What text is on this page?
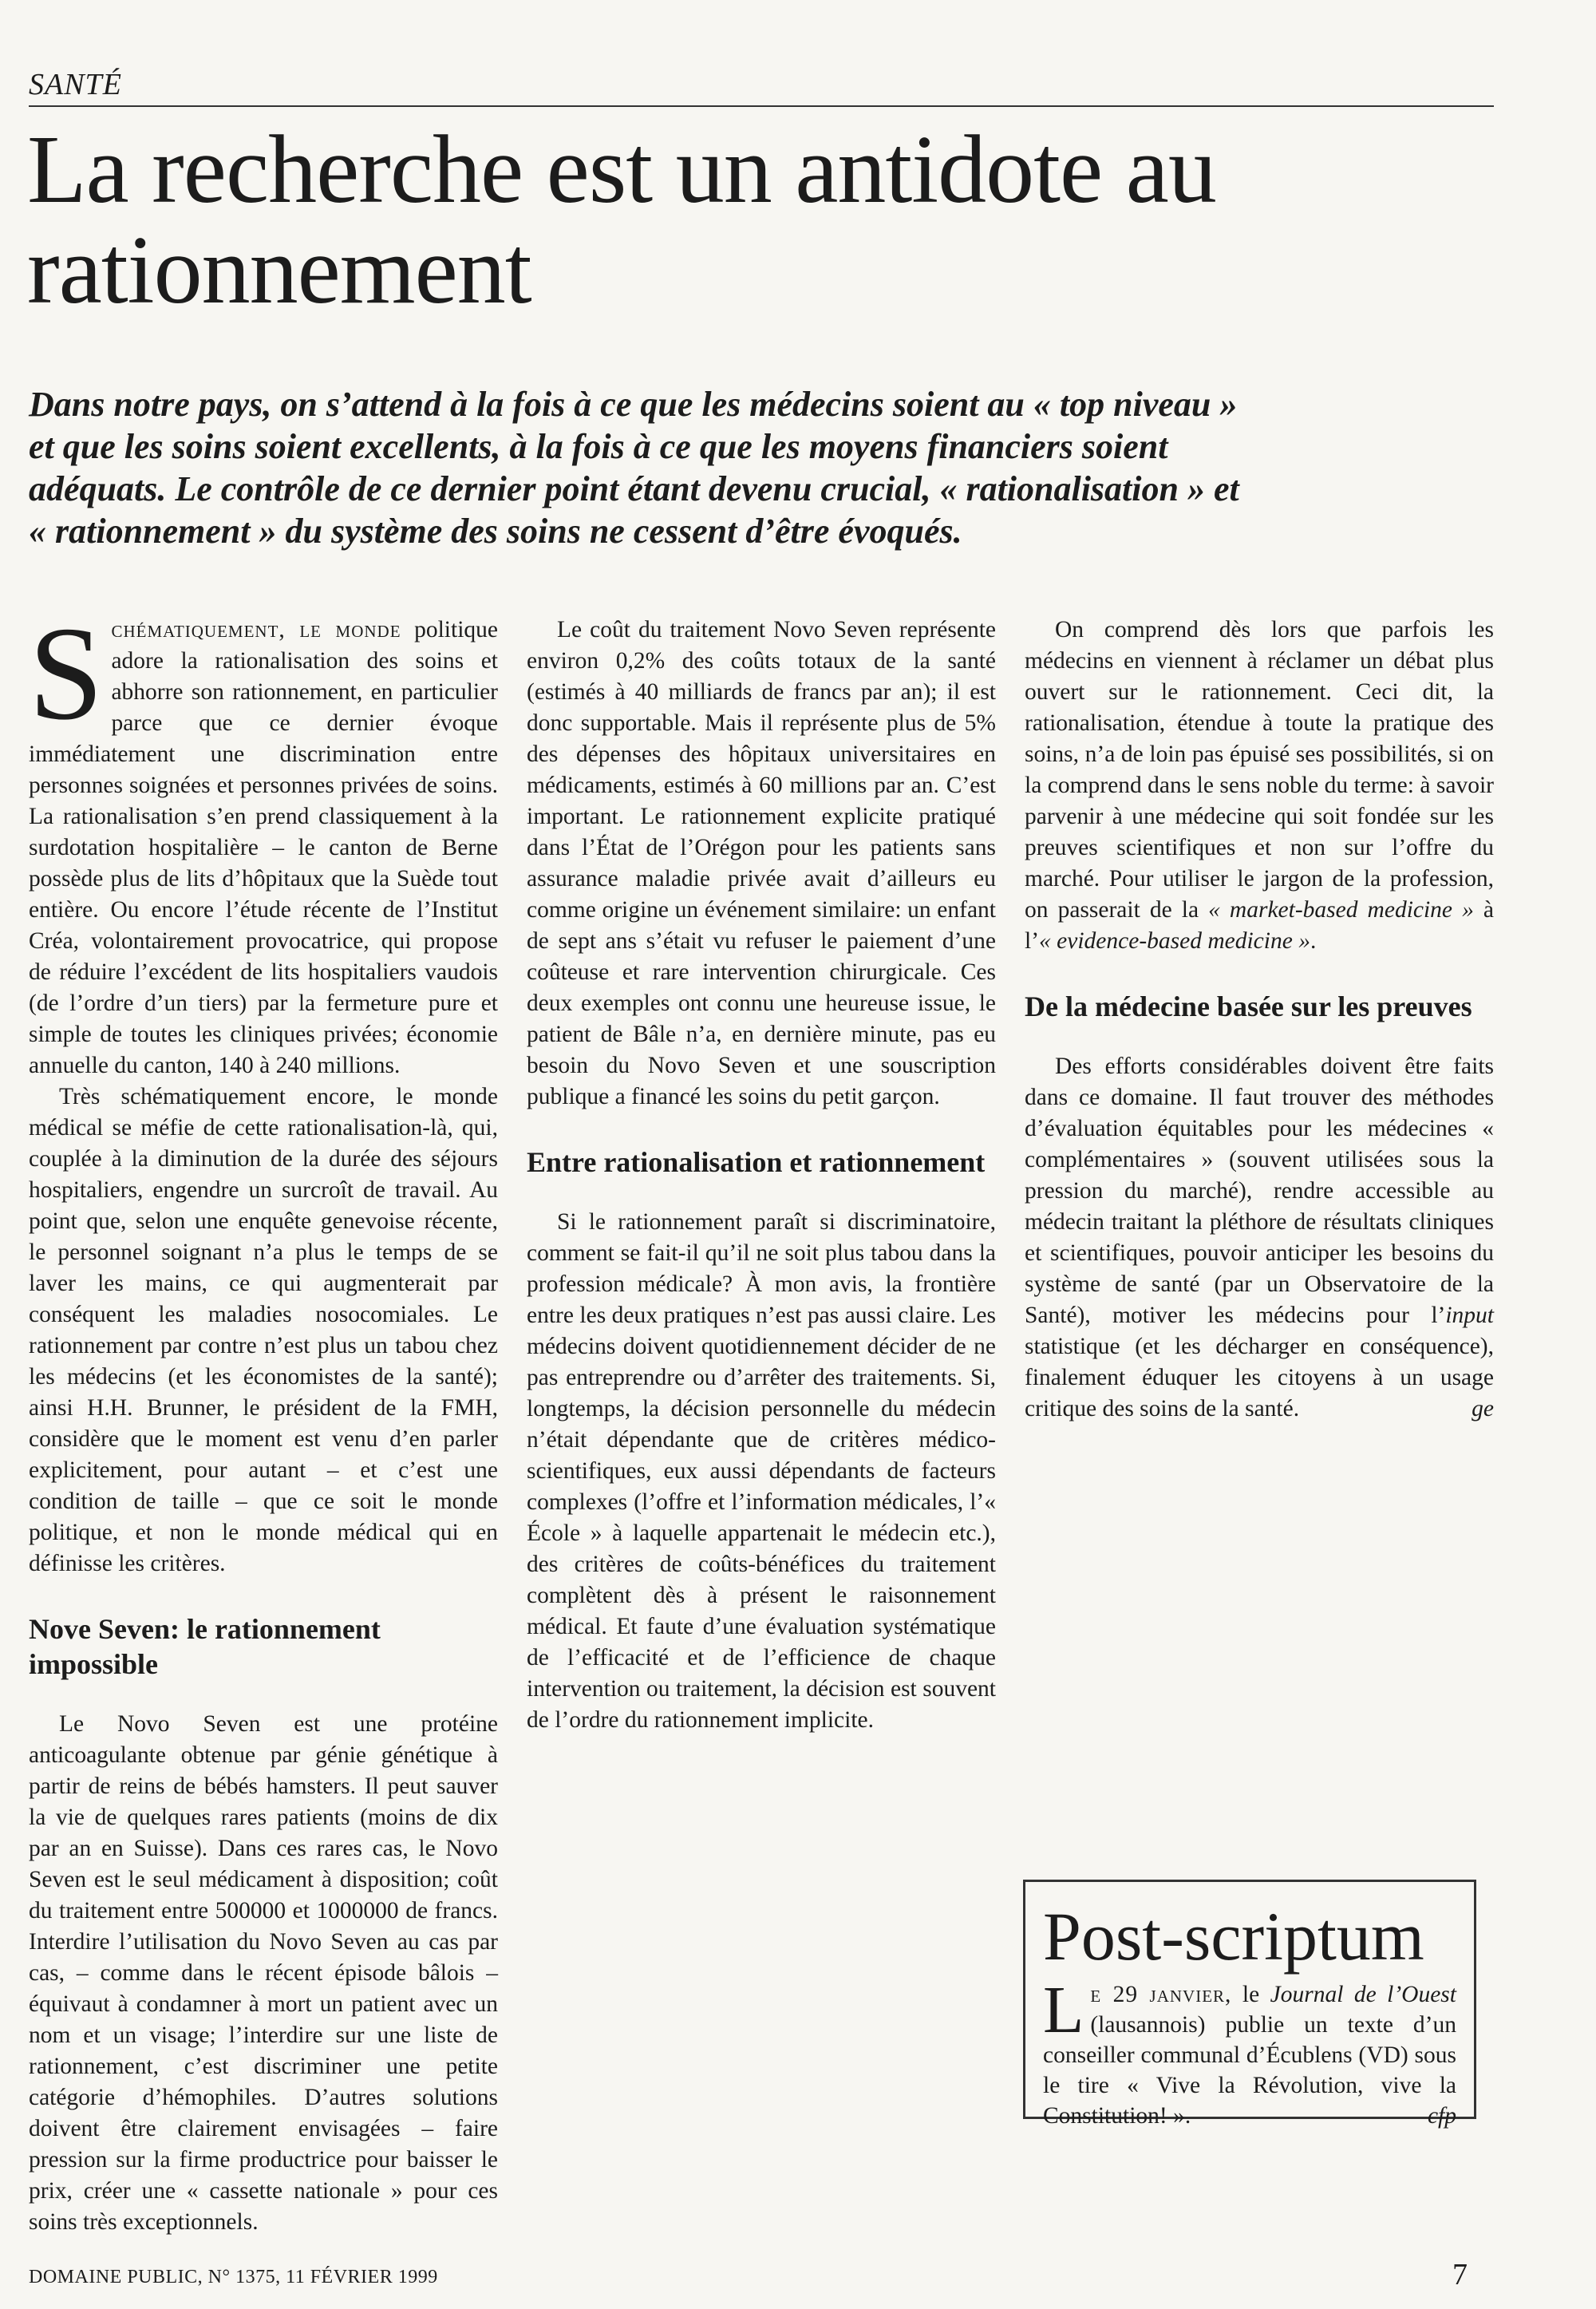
SANTÉ
La recherche est un antidote au rationnement

Dans notre pays, on s’attend à la fois à ce que les médecins soient au « top niveau » et que les soins soient excellents, à la fois à ce que les moyens financiers soient adéquats. Le contrôle de ce dernier point étant devenu crucial, « rationalisation » et « rationnement » du système des soins ne cessent d’être évoqués.

Schématiquement, le monde politique adore la rationalisation des soins et abhorre son rationnement, en particulier parce que ce dernier évoque immédiatement une discrimination entre personnes soignées et personnes privées de soins. La rationalisation s’en prend classiquement à la surdotation hospitalière – le canton de Berne possède plus de lits d’hôpitaux que la Suède tout entière. Ou encore l’étude récente de l’Institut Créa, volontairement provocatrice, qui propose de réduire l’excédent de lits hospitaliers vaudois (de l’ordre d’un tiers) par la fermeture pure et simple de toutes les cliniques privées; économie annuelle du canton, 140 à 240 millions.

Très schématiquement encore, le monde médical se méfie de cette rationalisation-là, qui, couplée à la diminution de la durée des séjours hospitaliers, engendre un surcroît de travail. Au point que, selon une enquête genevoise récente, le personnel soignant n’a plus le temps de se laver les mains, ce qui augmenterait par conséquent les maladies nosocomiales. Le rationnement par contre n’est plus un tabou chez les médecins (et les économistes de la santé); ainsi H.H. Brunner, le président de la FMH, considère que le moment est venu d’en parler explicitement, pour autant – et c’est une condition de taille – que ce soit le monde politique, et non le monde médical qui en définisse les critères.

Nove Seven: le rationnement impossible

Le Novo Seven est une protéine anticoagulante obtenue par génie génétique à partir de reins de bébés hamsters. Il peut sauver la vie de quelques rares patients (moins de dix par an en Suisse). Dans ces rares cas, le Novo Seven est le seul médicament à disposition; coût du traitement entre 500000 et 1000000 de francs. Interdire l’utilisation du Novo Seven au cas par cas, – comme dans le récent épisode bâlois – équivaut à condamner à mort un patient avec un nom et un visage; l’interdire sur une liste de rationnement, c’est discriminer une petite catégorie d’hémophiles. D’autres solutions doivent être clairement envisagées – faire pression sur la firme productrice pour baisser le prix, créer une « cassette nationale » pour ces soins très exceptionnels.

Le coût du traitement Novo Seven représente environ 0,2% des coûts totaux de la santé (estimés à 40 milliards de francs par an); il est donc supportable. Mais il représente plus de 5% des dépenses des hôpitaux universitaires en médicaments, estimés à 60 millions par an. C’est important. Le rationnement explicite pratiqué dans l’État de l’Orégon pour les patients sans assurance maladie privée avait d’ailleurs eu comme origine un événement similaire: un enfant de sept ans s’était vu refuser le paiement d’une coûteuse et rare intervention chirurgicale. Ces deux exemples ont connu une heureuse issue, le patient de Bâle n’a, en dernière minute, pas eu besoin du Novo Seven et une souscription publique a financé les soins du petit garçon.

Entre rationalisation et rationnement

Si le rationnement paraît si discriminatoire, comment se fait-il qu’il ne soit plus tabou dans la profession médicale? À mon avis, la frontière entre les deux pratiques n’est pas aussi claire. Les médecins doivent quotidiennement décider de ne pas entreprendre ou d’arrêter des traitements. Si, longtemps, la décision personnelle du médecin n’était dépendante que de critères médico-scientifiques, eux aussi dépendants de facteurs complexes (l’offre et l’information médicales, l’« École » à laquelle appartenait le médecin etc.), des critères de coûts-bénéfices du traitement complètent dès à présent le raisonnement médical. Et faute d’une évaluation systématique de l’efficacité et de l’efficience de chaque intervention ou traitement, la décision est souvent de l’ordre du rationnement implicite.

On comprend dès lors que parfois les médecins en viennent à réclamer un débat plus ouvert sur le rationnement. Ceci dit, la rationalisation, étendue à toute la pratique des soins, n’a de loin pas épuisé ses possibilités, si on la comprend dans le sens noble du terme: à savoir parvenir à une médecine qui soit fondée sur les preuves scientifiques et non sur l’offre du marché. Pour utiliser le jargon de la profession, on passerait de la « market-based medicine » à l’« evidence-based medicine ».

De la médecine basée sur les preuves

Des efforts considérables doivent être faits dans ce domaine. Il faut trouver des méthodes d’évaluation équitables pour les médecines « complémentaires » (souvent utilisées sous la pression du marché), rendre accessible au médecin traitant la pléthore de résultats cliniques et scientifiques, pouvoir anticiper les besoins du système de santé (par un Observatoire de la Santé), motiver les médecins pour l’input statistique (et les décharger en conséquence), finalement éduquer les citoyens à un usage critique des soins de la santé.	ge
Post-scriptum

Le 29 janvier, le Journal de l’Ouest (lausannois) publie un texte d’un conseiller communal d’Écublens (VD) sous le tire « Vive la Révolution, vive la Constitution! ».	cfp

DOMAINE PUBLIC, N° 1375, 11 FÉVRIER 1999	7
